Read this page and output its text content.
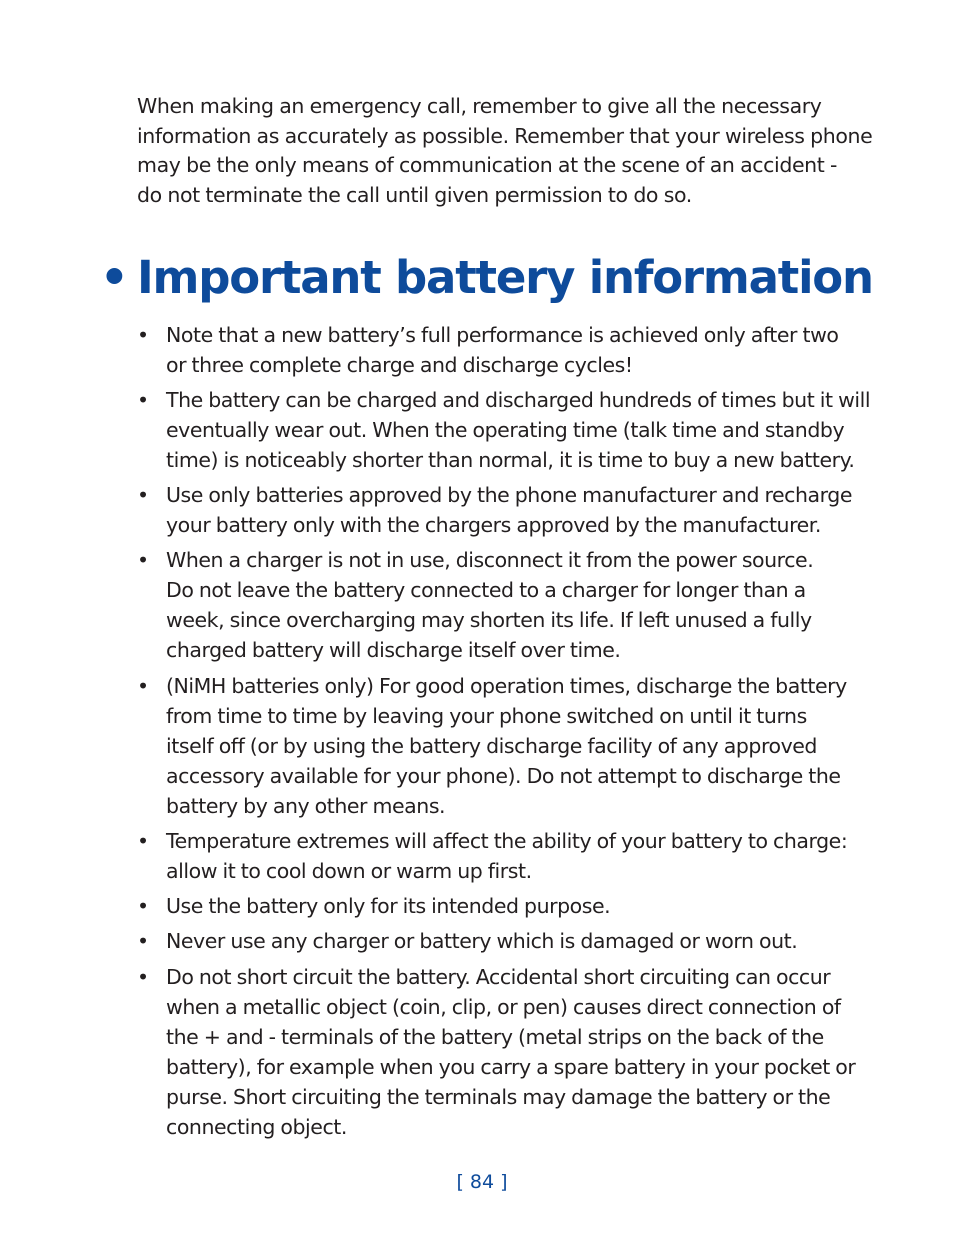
When making an emergency call, remember to give all the necessary
information as accurately as possible. Remember that your wireless phone
may be the only means of communication at the scene of an accident -
do not terminate the call until given permission to do so.

• Important battery information
• Note that a new battery’s full performance is achieved only after two
or three complete charge and discharge cycles!
• The battery can be charged and discharged hundreds of times but it will
eventually wear out. When the operating time (talk time and standby
time) is noticeably shorter than normal, it is time to buy a new battery.
• Use only batteries approved by the phone manufacturer and recharge
your battery only with the chargers approved by the manufacturer.
• When a charger is not in use, disconnect it from the power source.
Do not leave the battery connected to a charger for longer than a
week, since overcharging may shorten its life. If left unused a fully
charged battery will discharge itself over time.
• (NiMH batteries only) For good operation times, discharge the battery
from time to time by leaving your phone switched on until it turns
itself off (or by using the battery discharge facility of any approved
accessory available for your phone). Do not attempt to discharge the
battery by any other means.
• Temperature extremes will affect the ability of your battery to charge:
allow it to cool down or warm up first.
• Use the battery only for its intended purpose.
• Never use any charger or battery which is damaged or worn out.
• Do not short circuit the battery. Accidental short circuiting can occur
when a metallic object (coin, clip, or pen) causes direct connection of
the + and - terminals of the battery (metal strips on the back of the
battery), for example when you carry a spare battery in your pocket or
purse. Short circuiting the terminals may damage the battery or the
connecting object.
[ 84 ]
